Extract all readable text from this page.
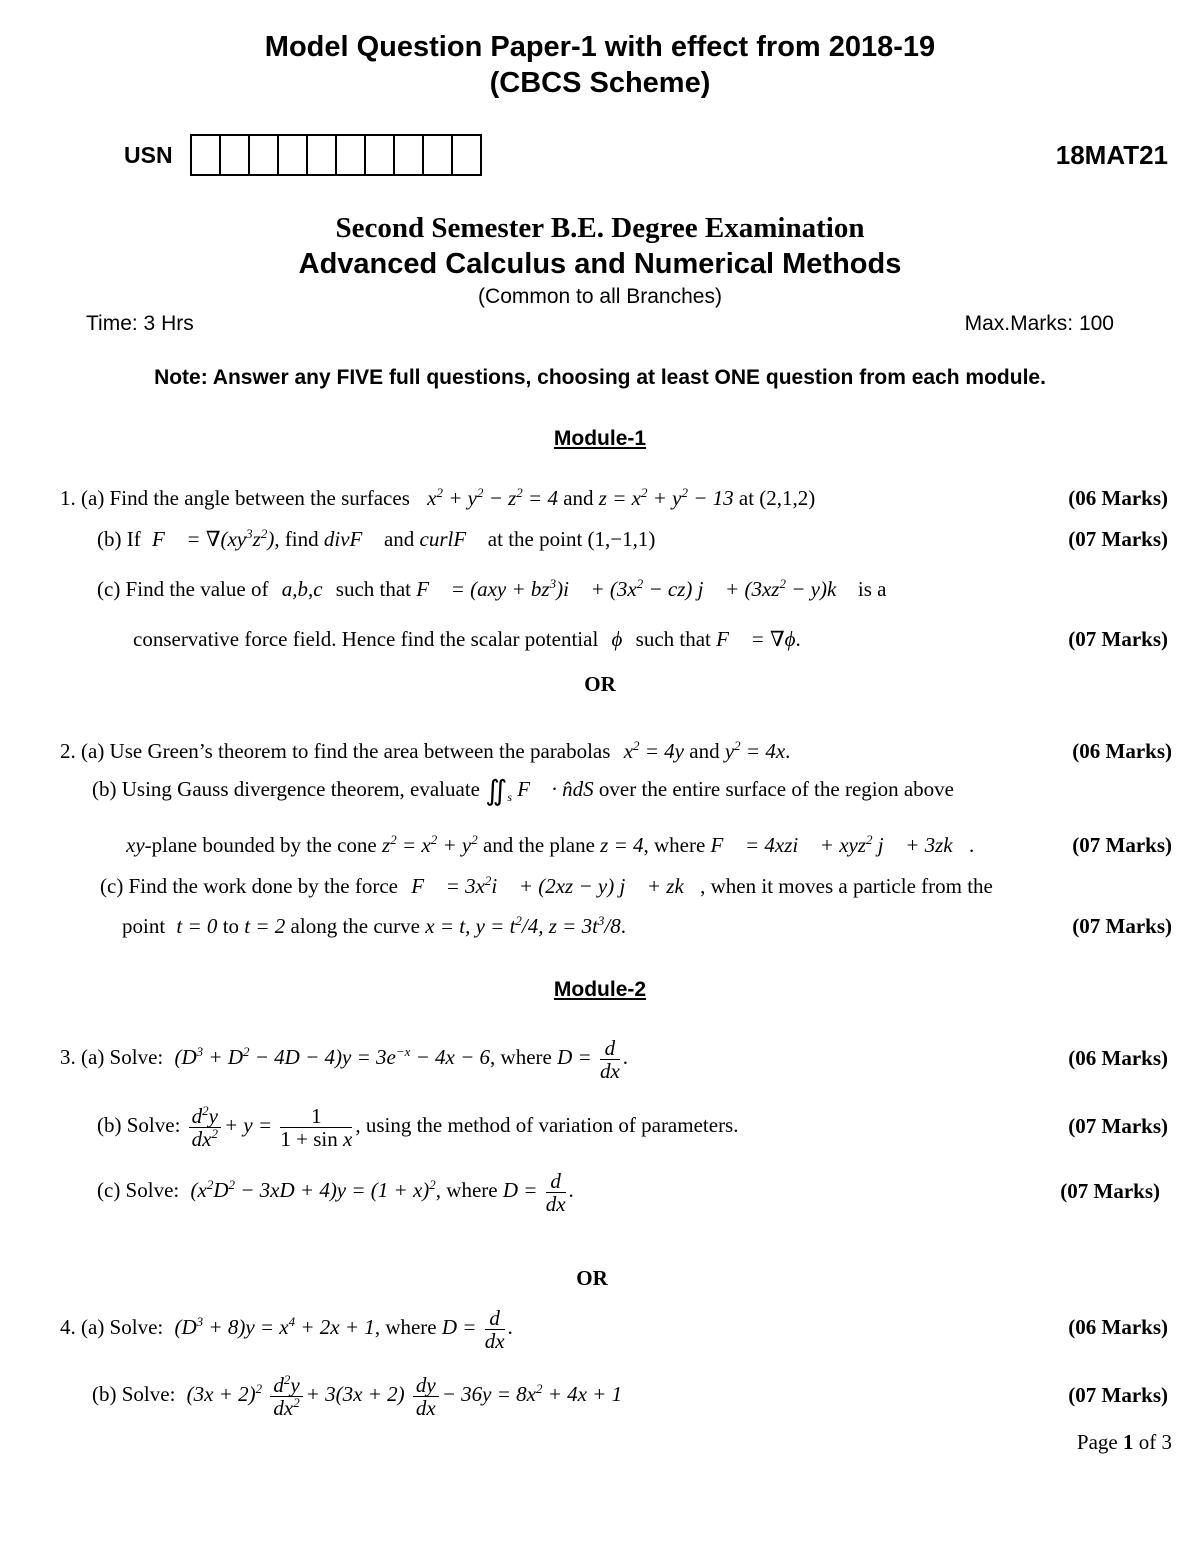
Model Question Paper-1 with effect from 2018-19
(CBCS Scheme)
USN	18MAT21
Second Semester B.E. Degree Examination
Advanced Calculus and Numerical Methods
(Common to all Branches)
Time: 3 Hrs	Max.Marks: 100
Note: Answer any FIVE full questions, choosing at least ONE question from each module.
Module-1
1. (a) Find the angle between the surfaces $x^2 + y^2 - z^2 = 4$ and $z = x^2 + y^2 - 13$ at (2,1,2)	(06 Marks)
(b) If F⃗ = $\nabla(xy^3z^2)$, find divF⃗ and curlF⃗ at the point (1,−1,1)	(07 Marks)
(c) Find the value of a,b,c such that F⃗ = $(axy + bz^3)i⃗ + (3x^2 - cz)$ j⃗ + ($3xz^2$ − y)k⃗ is a
conservative force field. Hence find the scalar potential ϕ such that F⃗ = ∇ϕ.	(07 Marks)
OR
2. (a) Use Green’s theorem to find the area between the parabolas $x^2 = 4y$ and $y^2 = 4x$.	(06 Marks)
(b) Using Gauss divergence theorem, evaluate $∬_s$ F⃗ · n̂dS over the entire surface of the region above
xy-plane bounded by the cone $z^2 = x^2 + y^2$ and the plane z = 4, where F⃗ = 4xzi⃗ + xyz$^2$ j⃗ + 3zk⃗.	(07 Marks)
(c) Find the work done by the force F⃗ = $3x^2i⃗ + (2xz - y)$ j⃗ + zk⃗, when it moves a particle from the
point t = 0 to t = 2 along the curve x = t, $y = t^2/4$, $z = 3t^3/8$.	(07 Marks)
Module-2
3. (a) Solve: $(D^3 + D^2 - 4D - 4)y = 3e^{-x} - 4x - 6$, where $D = \frac{d}{dx}$ .	(06 Marks)
(b) Solve: $\frac{d^2y}{dx^2} + y = \frac{1}{\text{1 + sin x}}$ , using the method of variation of parameters.	(07 Marks)
(c) Solve: $(x^2D^2 - 3xD + 4)y = (1 + x)^2$, where $D = \frac{d}{dx}$ .	(07 Marks)
OR
4. (a) Solve: $(D^3 + 8)y = x^4 + 2x + 1$, where $D = \frac{d}{dx}$ .	(06 Marks)
(b) Solve: $(3x + 2)^2 \frac{d^2y}{dx^2} + 3(3x + 2) \frac{dy}{dx} - 36y = 8x^2 + 4x + 1$	(07 Marks)
Page 1 of 3
